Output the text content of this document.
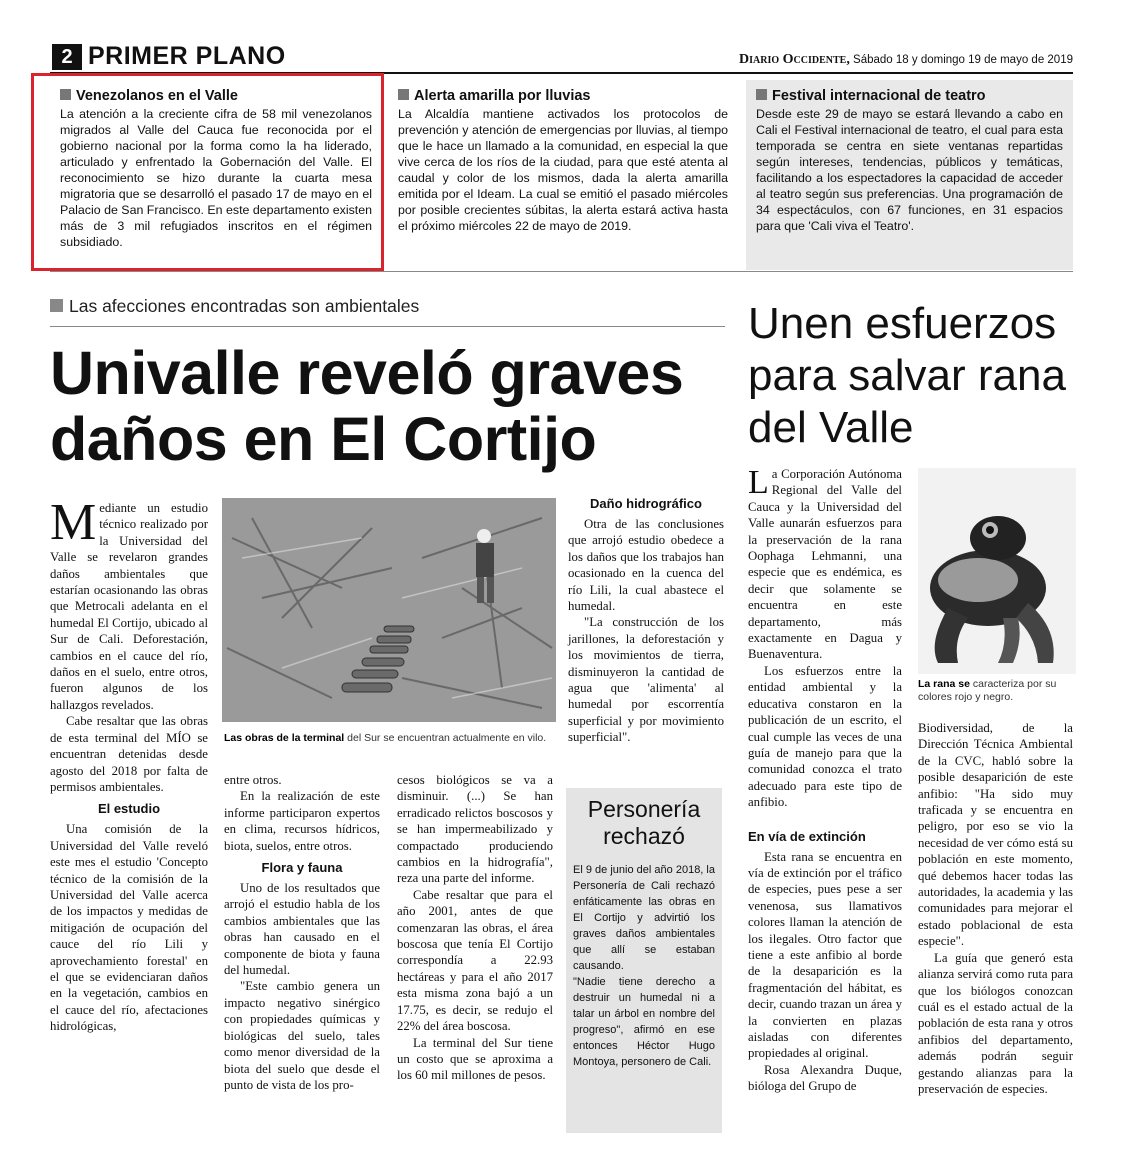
2 PRIMER PLANO	Diario Occidente, Sábado 18 y domingo 19 de mayo de 2019
Venezolanos en el Valle

La atención a la creciente cifra de 58 mil venezolanos migrados al Valle del Cauca fue reconocida por el gobierno nacional por la forma como la ha liderado, articulado y enfrentado la Gobernación del Valle. El reconocimiento se hizo durante la cuarta mesa migratoria que se desarrolló el pasado 17 de mayo en el Palacio de San Francisco. En este departamento existen más de 3 mil refugiados inscritos en el régimen subsidiado.

Alerta amarilla por lluvias

La Alcaldía mantiene activados los protocolos de prevención y atención de emergencias por lluvias, al tiempo que le hace un llamado a la comunidad, en especial la que vive cerca de los ríos de la ciudad, para que esté atenta al caudal y color de los mismos, dada la alerta amarilla emitida por el Ideam. La cual se emitió el pasado miércoles por posible crecientes súbitas, la alerta estará activa hasta el próximo miércoles 22 de mayo de 2019.

Festival internacional de teatro

Desde este 29 de mayo se estará llevando a cabo en Cali el Festival internacional de teatro, el cual para esta temporada se centra en siete ventanas repartidas según intereses, tendencias, públicos y temáticas, facilitando a los espectadores la capacidad de acceder al teatro según sus preferencias. Una programación de 34 espectáculos, con 67 funciones, en 31 espacios para que 'Cali viva el Teatro'.

Las afecciones encontradas son ambientales
Univalle reveló graves daños en El Cortijo

Mediante un estudio técnico realizado por la Universidad del Valle se revelaron grandes daños ambientales que estarían ocasionando las obras que Metrocali adelanta en el humedal El Cortijo, ubicado al Sur de Cali. Deforestación, cambios en el cauce del río, daños en el suelo, entre otros, fueron algunos de los hallazgos revelados.

Cabe resaltar que las obras de esta terminal del MÍO se encuentran detenidas desde agosto del 2018 por falta de permisos ambientales.

El estudio

Una comisión de la Universidad del Valle reveló este mes el estudio 'Concepto técnico de la comisión de la Universidad del Valle acerca de los impactos y medidas de mitigación de ocupación del cauce del río Lili y aprovechamiento forestal' en el que se evidenciaran daños en la vegetación, cambios en el cauce del río, afectaciones hidrológicas,

Las obras de la terminal del Sur se encuentran actualmente en vilo.

entre otros.

En la realización de este informe participaron expertos en clima, recursos hídricos, biota, suelos, entre otros.

Flora y fauna

Uno de los resultados que arrojó el estudio habla de los cambios ambientales que las obras han causado en el componente de biota y fauna del humedal.

"Este cambio genera un impacto negativo sinérgico con propiedades químicas y biológicas del suelo, tales como menor diversidad de la biota del suelo que desde el punto de vista de los pro-

cesos biológicos se va a disminuir. (...) Se han erradicado relictos boscosos y se han impermeabilizado y compactado produciendo cambios en la hidrografía", reza una parte del informe.

Cabe resaltar que para el año 2001, antes de que comenzaran las obras, el área boscosa que tenía El Cortijo correspondía a 22.93 hectáreas y para el año 2017 esta misma zona bajó a un 17.75, es decir, se redujo el 22% del área boscosa.

La terminal del Sur tiene un costo que se aproxima a los 60 mil millones de pesos.

Daño hidrográfico

Otra de las conclusiones que arrojó estudio obedece a los daños que los trabajos han ocasionado en la cuenca del río Lili, la cual abastece el humedal.

"La construcción de los jarillones, la deforestación y los movimientos de tierra, disminuyeron la cantidad de agua que 'alimenta' al humedal por escorrentía superficial y por movimiento superficial".

Personería rechazó

El 9 de junio del año 2018, la Personería de Cali rechazó enfáticamente las obras en El Cortijo y advirtió los graves daños ambientales que allí se estaban causando.

"Nadie tiene derecho a destruir un humedal ni a talar un árbol en nombre del progreso", afirmó en ese entonces Héctor Hugo Montoya, personero de Cali.

Unen esfuerzos para salvar rana del Valle

La Corporación Autónoma Regional del Valle del Cauca y la Universidad del Valle aunarán esfuerzos para la preservación de la rana Oophaga Lehmanni, una especie que es endémica, es decir que solamente se encuentra en este departamento, más exactamente en Dagua y Buenaventura.

Los esfuerzos entre la entidad ambiental y la educativa constaron en la publicación de un escrito, el cual cumple las veces de una guía de manejo para que la comunidad conozca el trato adecuado para este tipo de anfibio.

En vía de extinción

Esta rana se encuentra en vía de extinción por el tráfico de especies, pues pese a ser venenosa, sus llamativos colores llaman la atención de los ilegales. Otro factor que tiene a este anfibio al borde de la desaparición es la fragmentación del hábitat, es decir, cuando trazan un área y la convierten en plazas aisladas con diferentes propiedades al original.

Rosa Alexandra Duque, bióloga del Grupo de

La rana se caracteriza por su colores rojo y negro.

Biodiversidad, de la Dirección Técnica Ambiental de la CVC, habló sobre la posible desaparición de este anfibio: "Ha sido muy traficada y se encuentra en peligro, por eso se vio la necesidad de ver cómo está su población en este momento, qué debemos hacer todas las autoridades, la academia y las comunidades para mejorar el estado poblacional de esta especie".

La guía que generó esta alianza servirá como ruta para que los biólogos conozcan cuál es el estado actual de la población de esta rana y otros anfibios del departamento, además podrán seguir gestando alianzas para la preservación de especies.
